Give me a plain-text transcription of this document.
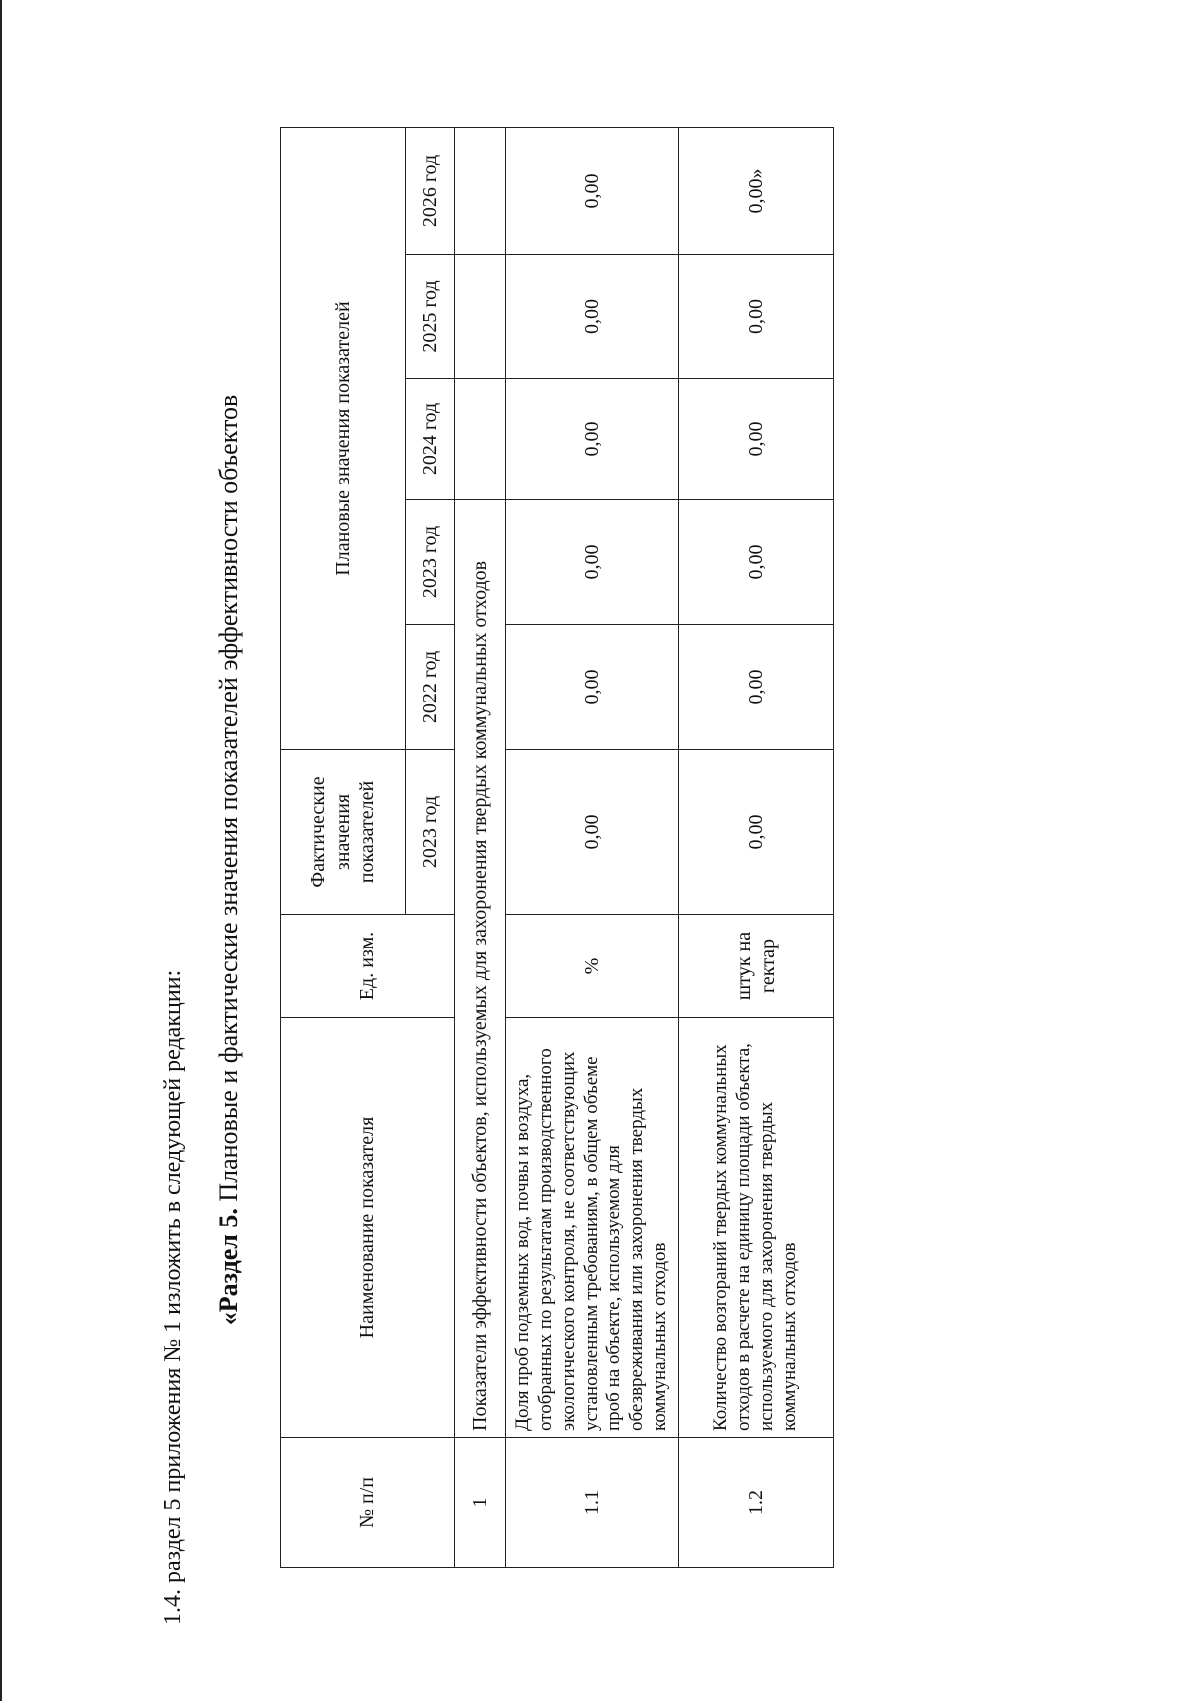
1.4. раздел 5 приложения № 1 изложить в следующей редакции: «Раздел 5. Плановые и фактические значения показателей эффективности объектов
№ п/п	Наименование показателя	Ед. изм.	Фактические значения показателей	Плановые значения показателей				
			2023 год	2022 год	2023 год	2024 год	2025 год	2026 год
1	Показатели эффективности объектов, используемых для захоронения твердых коммунальных отходов							
1.1	Доля проб подземных вод, почвы и воздуха, отобранных по результатам производственного экологического контроля, не соответствующих установленным требованиям, в общем объеме проб на объекте, используемом для обезвреживания или захоронения твердых коммунальных отходов	%	0,00	0,00	0,00	0,00	0,00	0,00
1.2	Количество возгораний твердых коммунальных отходов в расчете на единицу площади объекта, используемого для захоронения твердых коммунальных отходов	штук на гектар	0,00	0,00	0,00	0,00	0,00	0,00»
